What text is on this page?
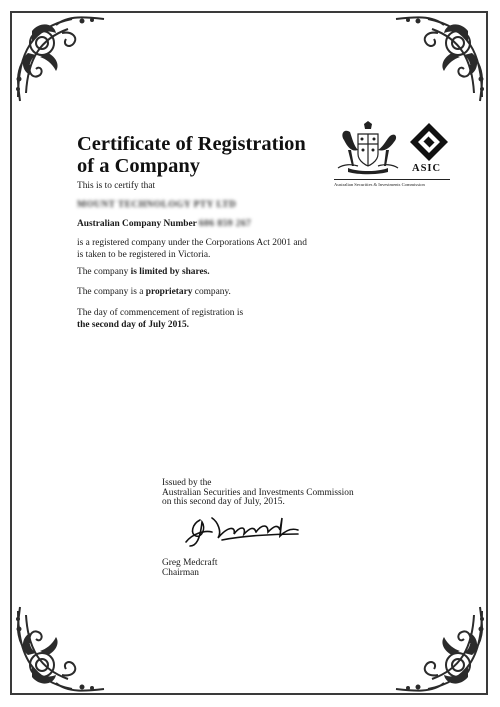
Certificate of Registration
of a Company	ASIC
Australian Securities & Investments Commission
This is to certify that
MOUNT TECHNOLOGY PTY LTD
Australian Company Number 606 859 267
is a registered company under the Corporations Act 2001 and
is taken to be registered in Victoria.
The company is limited by shares.
The company is a proprietary company.
The day of commencement of registration is
the second day of July 2015.
Issued by the
Australian Securities and Investments Commission
on this second day of July, 2015.
Greg Medcraft
Chairman
